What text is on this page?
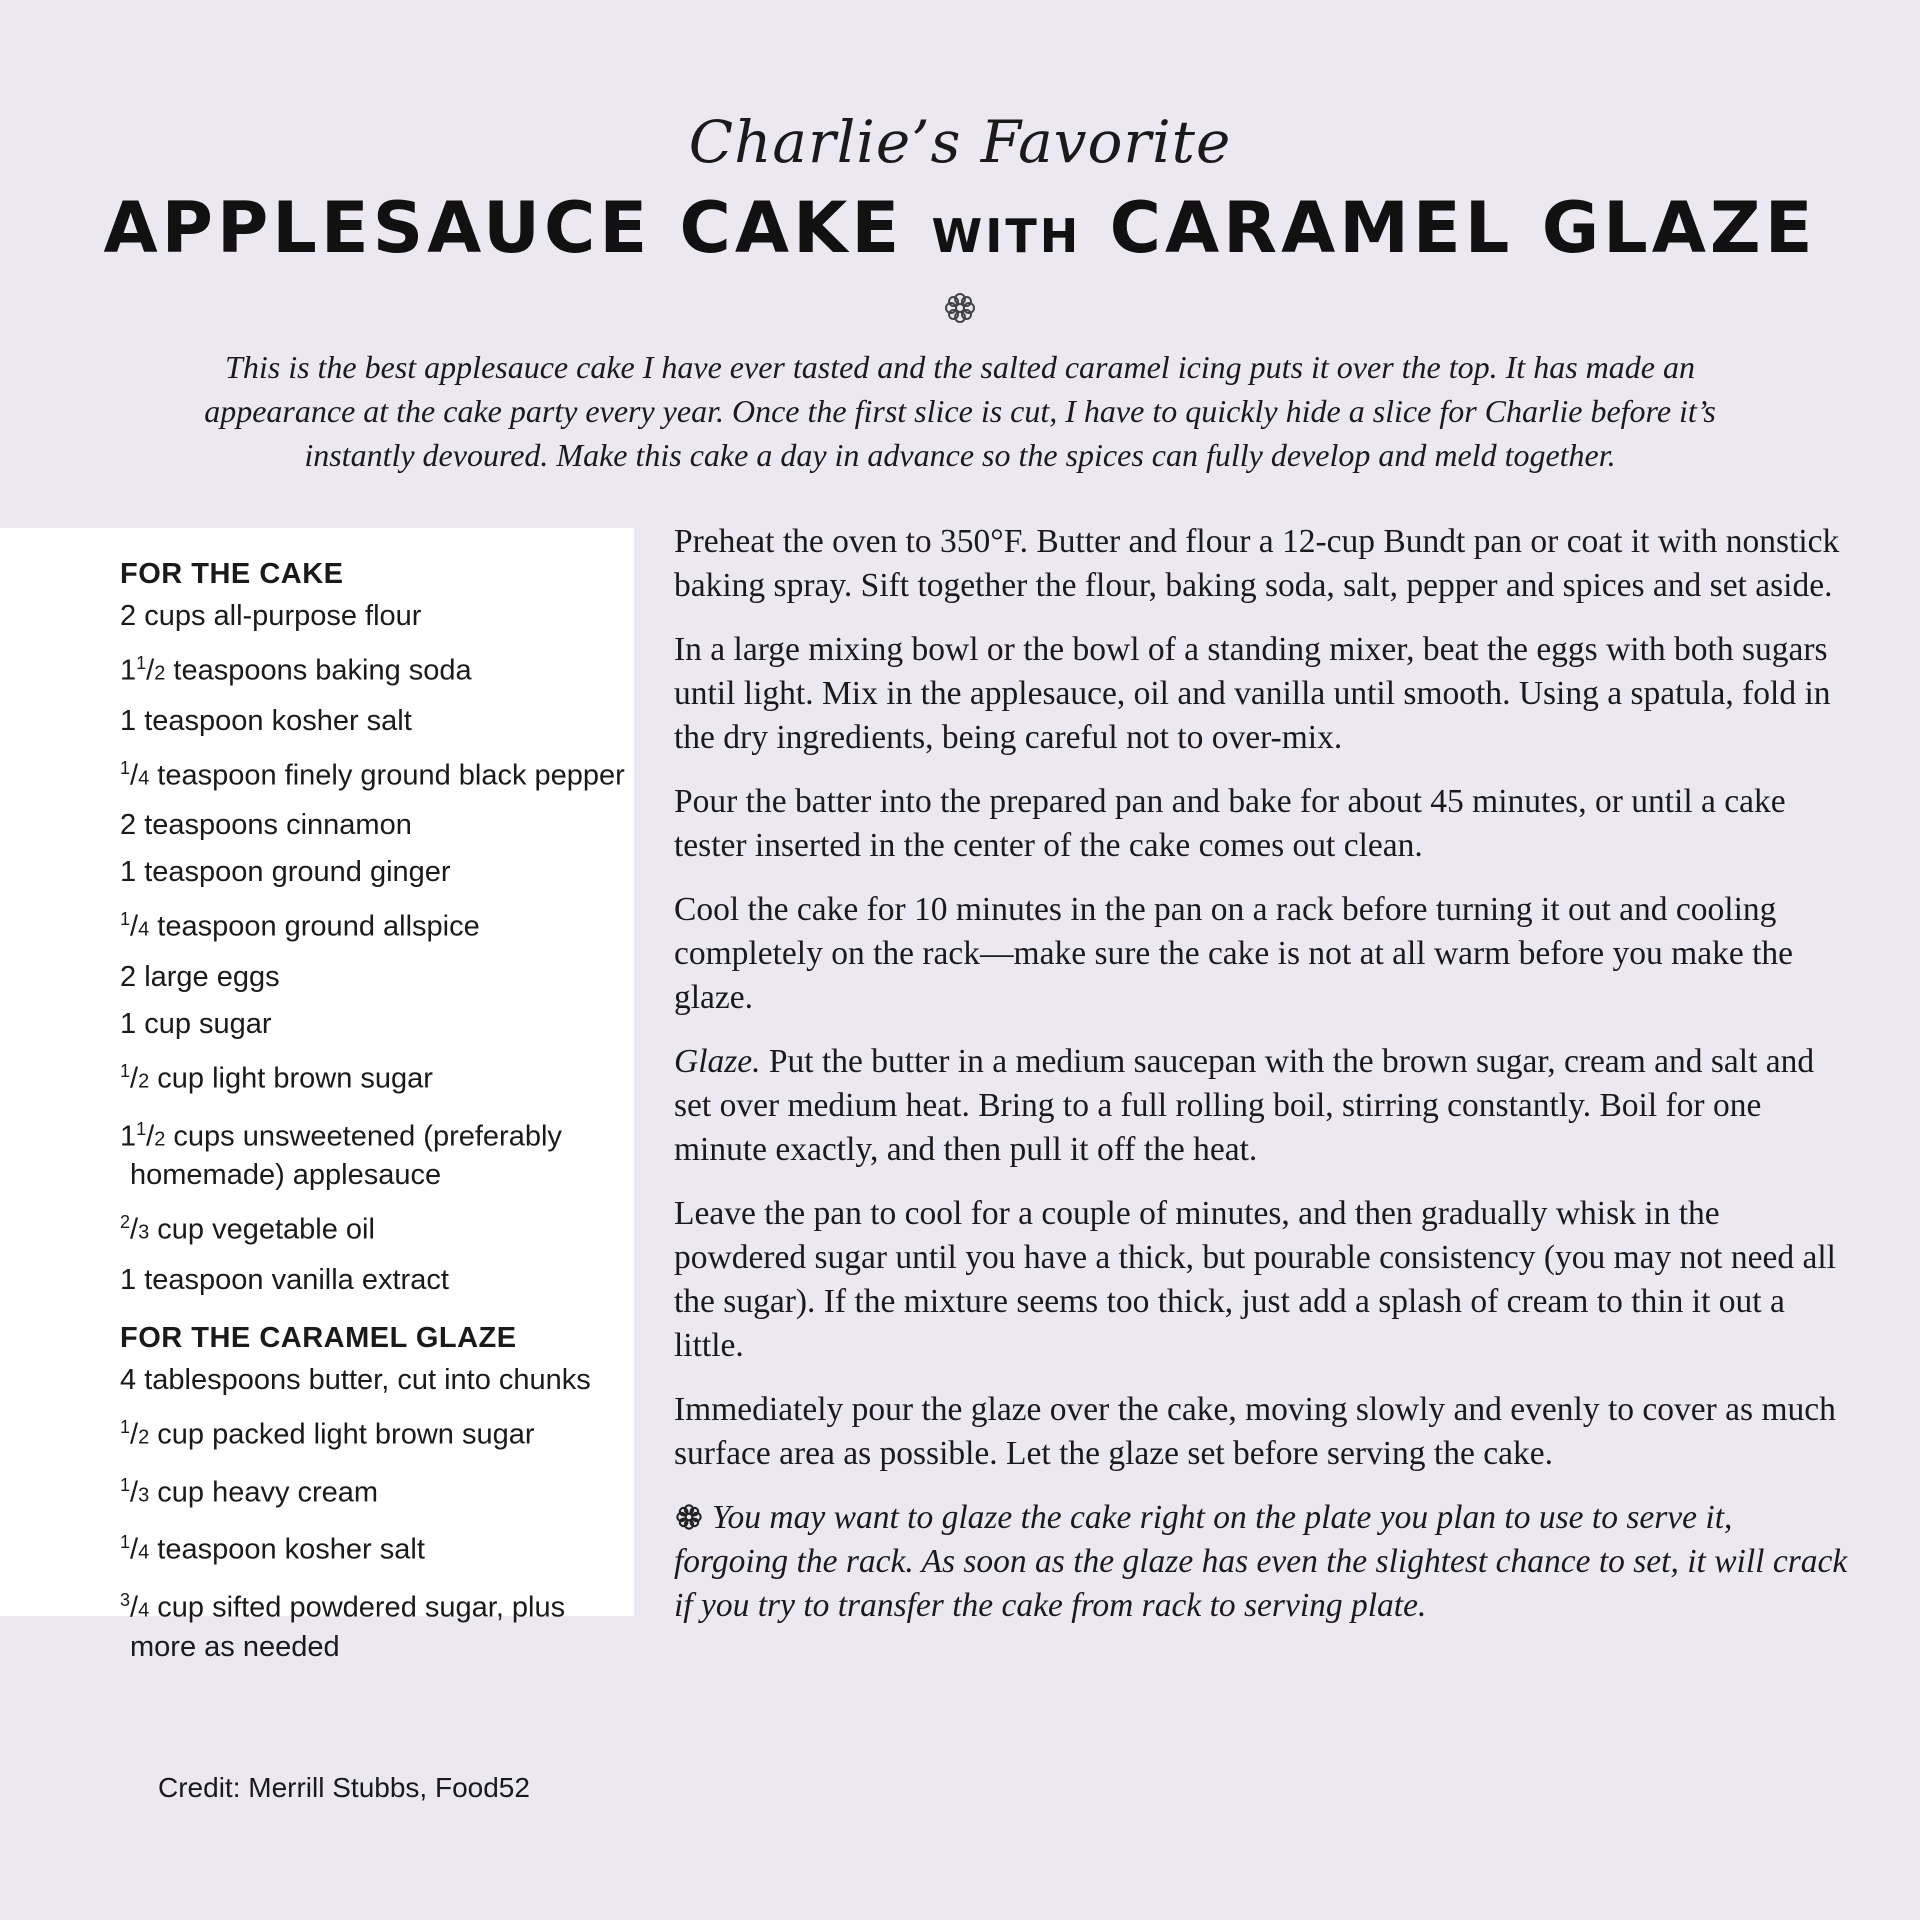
Charlie’s Favorite
APPLESAUCE CAKE WITH CARAMEL GLAZE
This is the best applesauce cake I have ever tasted and the salted caramel icing puts it over the top. It has made an appearance at the cake party every year. Once the first slice is cut, I have to quickly hide a slice for Charlie before it’s instantly devoured. Make this cake a day in advance so the spices can fully develop and meld together.
FOR THE CAKE
2 cups all-purpose flour
$1^1/2$ teaspoons baking soda
1 teaspoon kosher salt
$^1$/4 teaspoon finely ground black pepper
2 teaspoons cinnamon
1 teaspoon ground ginger
$^1$/4 teaspoon ground allspice
2 large eggs
1 cup sugar
$^1$/2 cup light brown sugar
$1^1/2$ cups unsweetened (preferably homemade) applesauce
$^2$/3 cup vegetable oil
1 teaspoon vanilla extract
FOR THE CARAMEL GLAZE
4 tablespoons butter, cut into chunks
$^1$/2 cup packed light brown sugar
$^1$/3 cup heavy cream
$^1$/4 teaspoon kosher salt
$^3$/4 cup sifted powdered sugar, plus more as needed

Preheat the oven to 350°F. Butter and flour a 12-cup Bundt pan or coat it with nonstick baking spray. Sift together the flour, baking soda, salt, pepper and spices and set aside.

In a large mixing bowl or the bowl of a standing mixer, beat the eggs with both sugars until light. Mix in the applesauce, oil and vanilla until smooth. Using a spatula, fold in the dry ingredients, being careful not to over-mix.

Pour the batter into the prepared pan and bake for about 45 minutes, or until a cake tester inserted in the center of the cake comes out clean.

Cool the cake for 10 minutes in the pan on a rack before turning it out and cooling completely on the rack—make sure the cake is not at all warm before you make the glaze.

Glaze. Put the butter in a medium saucepan with the brown sugar, cream and salt and set over medium heat. Bring to a full rolling boil, stirring constantly. Boil for one minute exactly, and then pull it off the heat.

Leave the pan to cool for a couple of minutes, and then gradually whisk in the powdered sugar until you have a thick, but pourable consistency (you may not need all the sugar). If the mixture seems too thick, just add a splash of cream to thin it out a little.

Immediately pour the glaze over the cake, moving slowly and evenly to cover as much surface area as possible. Let the glaze set before serving the cake.

You may want to glaze the cake right on the plate you plan to use to serve it, forgoing the rack. As soon as the glaze has even the slightest chance to set, it will crack if you try to transfer the cake from rack to serving plate.

Credit: Merrill Stubbs, Food52
